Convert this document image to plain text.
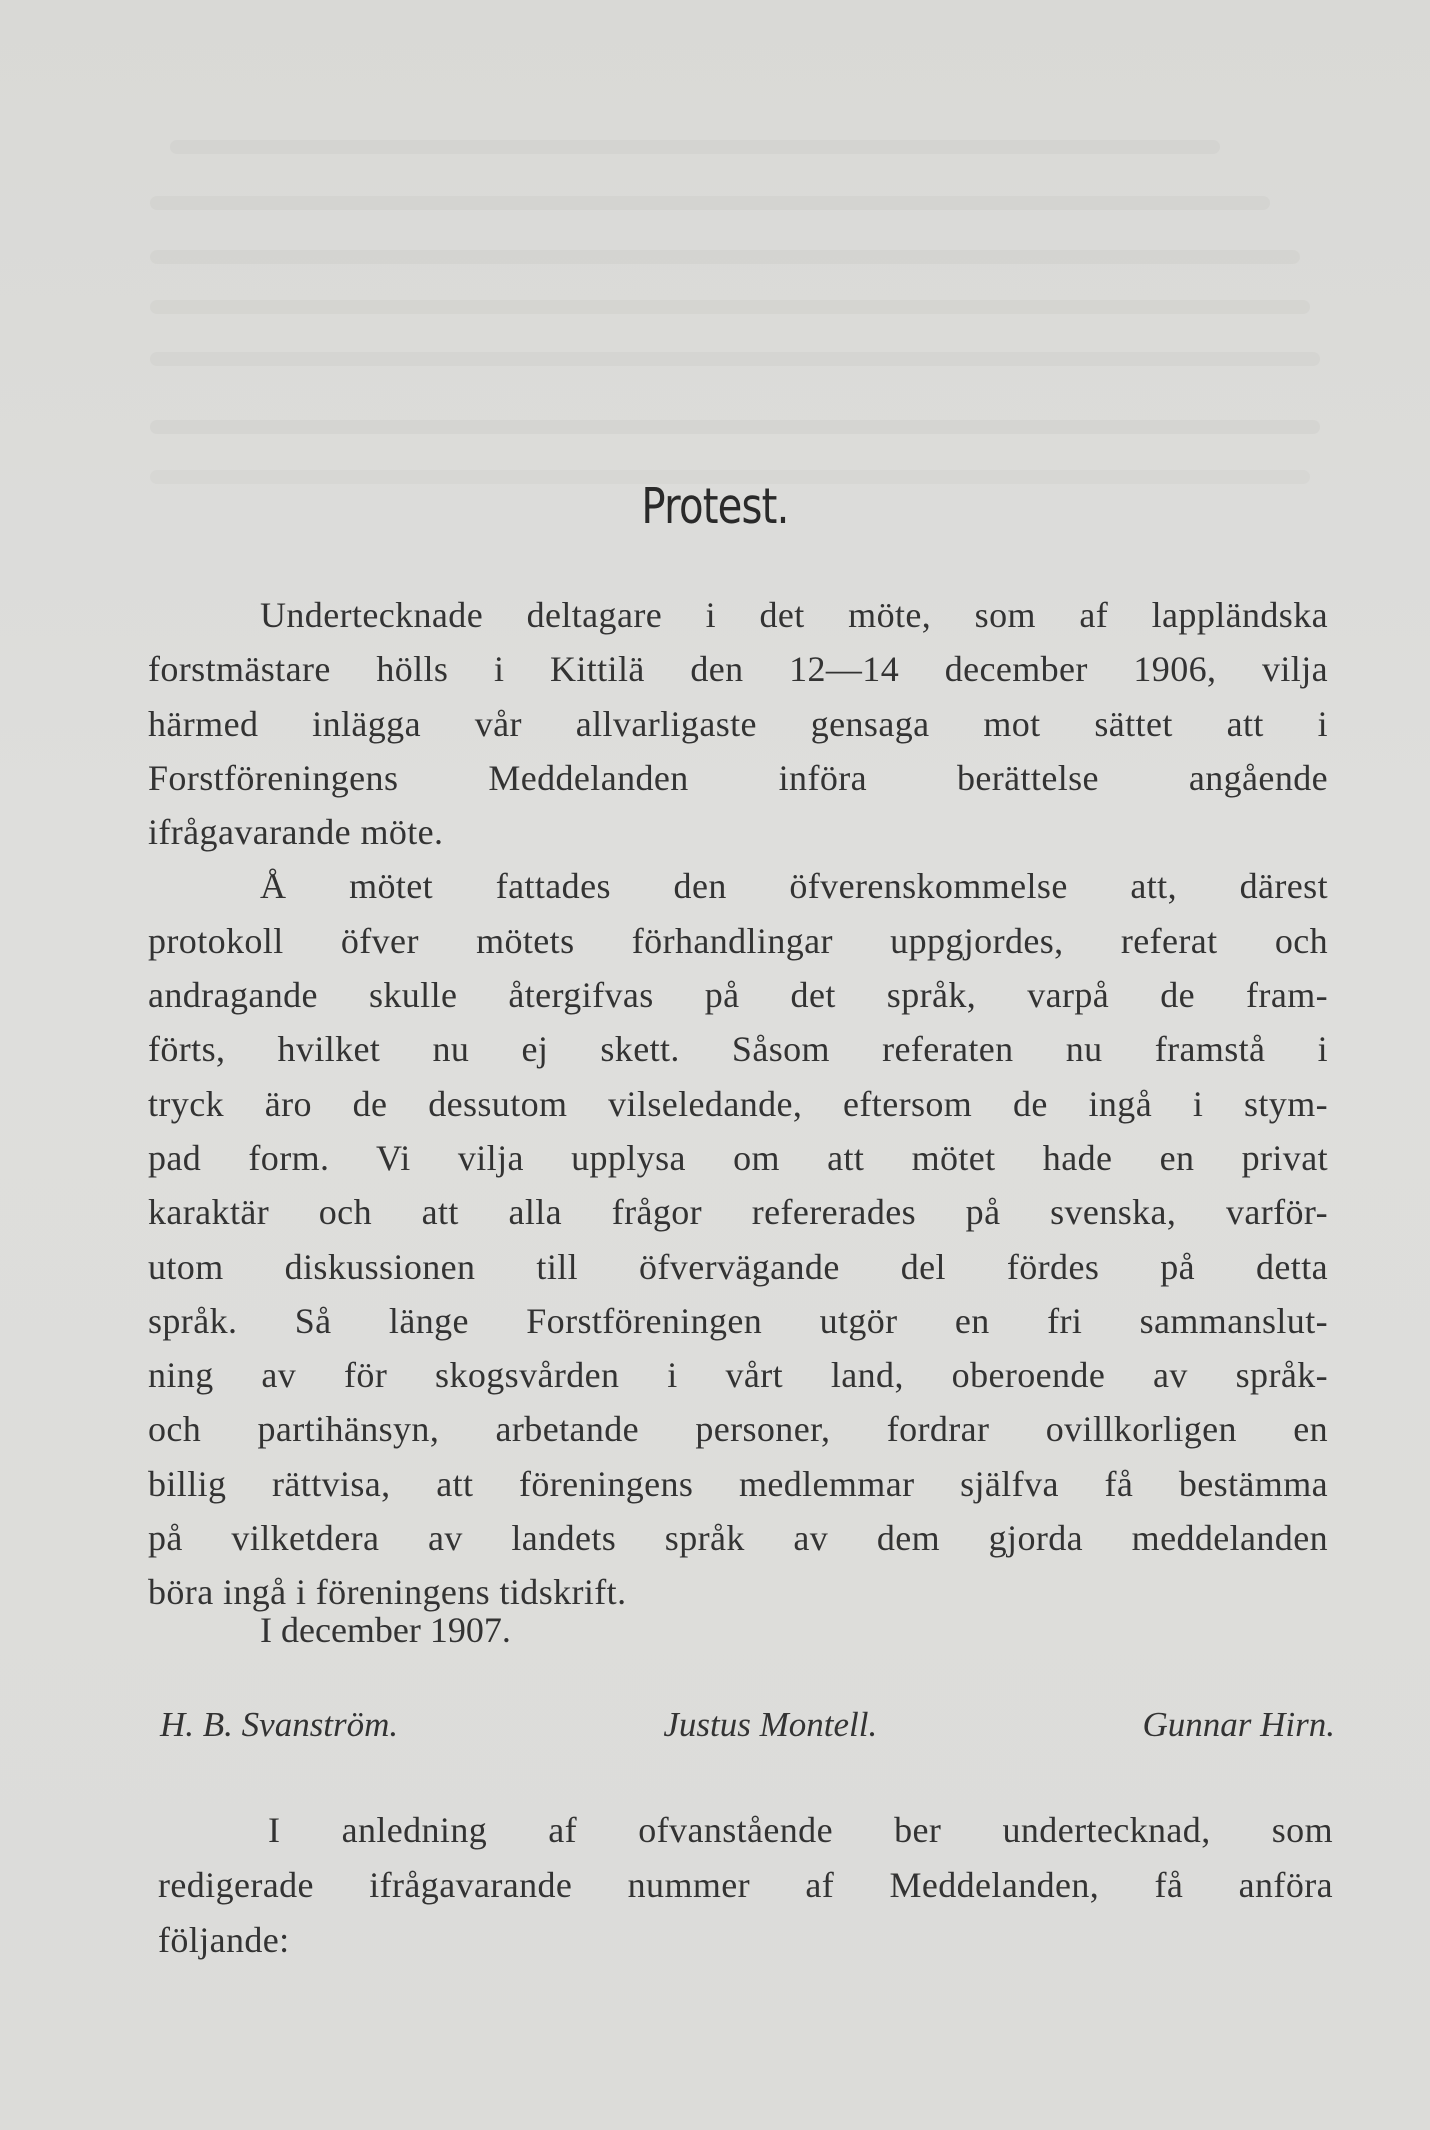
Protest.

Undertecknade deltagare i det möte, som af lappländska
forstmästare hölls i Kittilä den 12—14 december 1906, vilja
härmed inlägga vår allvarligaste gensaga mot sättet att i
Forstföreningens Meddelanden införa berättelse angående
ifrågavarande möte.

Å mötet fattades den öfverenskommelse att, därest
protokoll öfver mötets förhandlingar uppgjordes, referat och
andragande skulle återgifvas på det språk, varpå de fram-
förts, hvilket nu ej skett. Såsom referaten nu framstå i
tryck äro de dessutom vilseledande, eftersom de ingå i stym-
pad form. Vi vilja upplysa om att mötet hade en privat
karaktär och att alla frågor refererades på svenska, varför-
utom diskussionen till öfvervägande del fördes på detta
språk. Så länge Forstföreningen utgör en fri sammanslut-
ning av för skogsvården i vårt land, oberoende av språk-
och partihänsyn, arbetande personer, fordrar ovillkorligen en
billig rättvisa, att föreningens medlemmar själfva få bestämma
på vilketdera av landets språk av dem gjorda meddelanden
böra ingå i föreningens tidskrift.

I december 1907.
H. B. Svanström.	Justus Montell.	Gunnar Hirn.

I anledning af ofvanstående ber undertecknad, som
redigerade ifrågavarande nummer af Meddelanden, få anföra
följande:
